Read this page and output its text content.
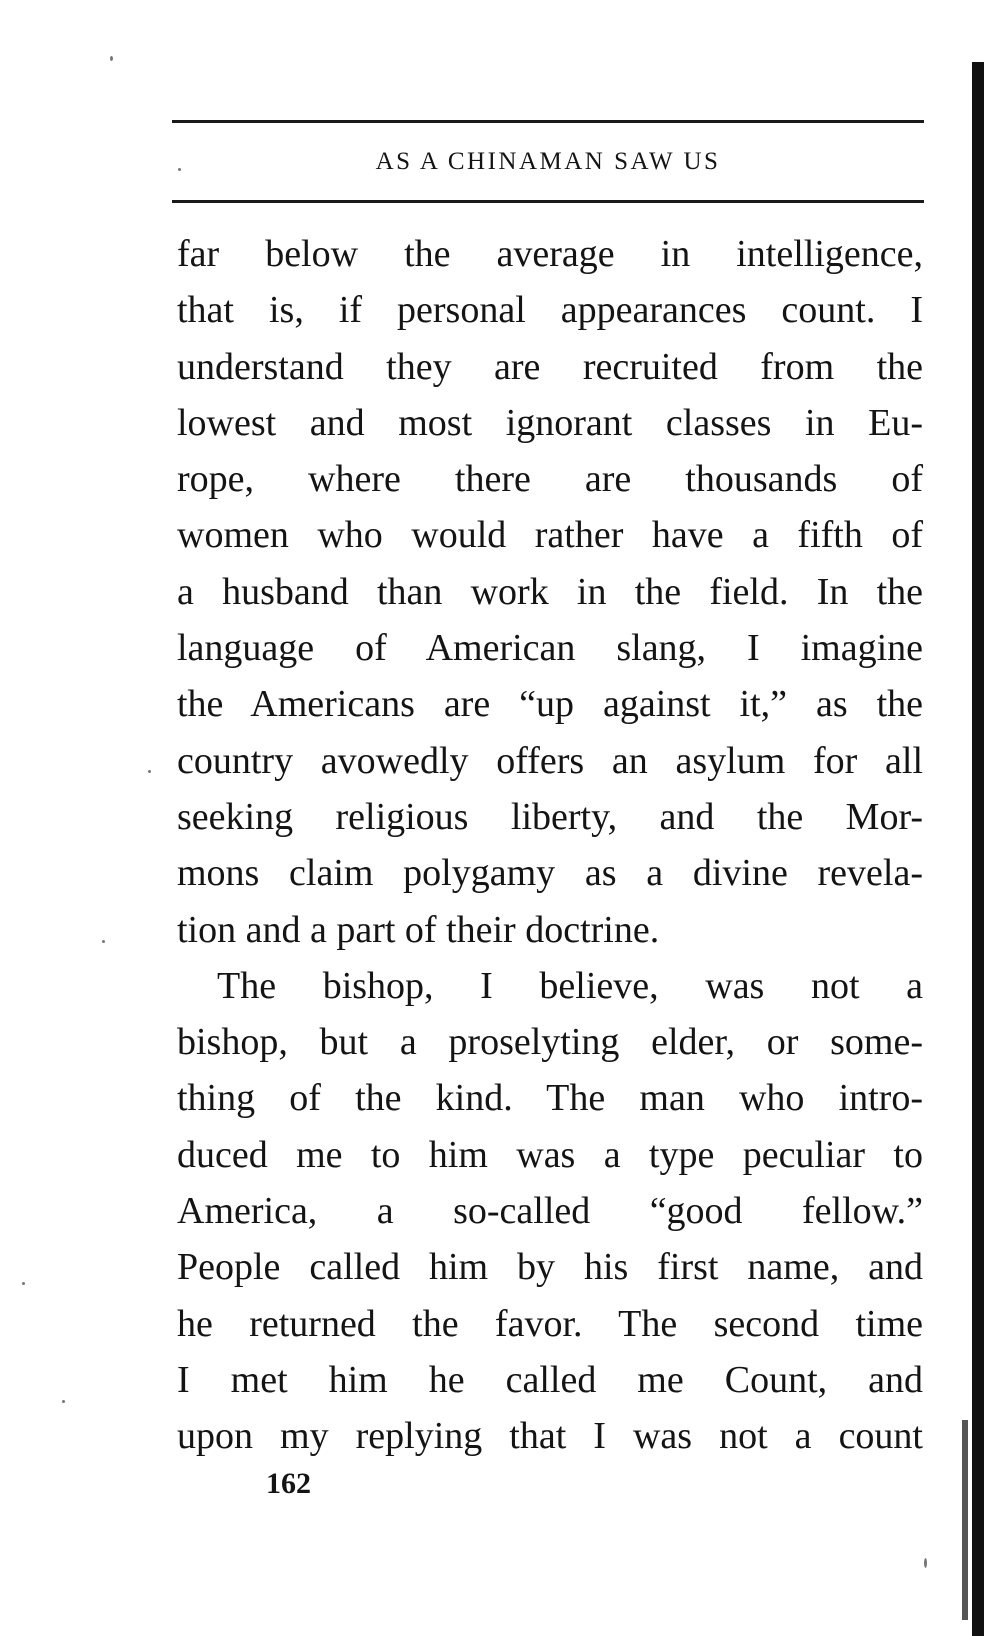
AS A CHINAMAN SAW US
far below the average in intelligence,
that is, if personal appearances count. I
understand they are recruited from the
lowest and most ignorant classes in Eu-
rope, where there are thousands of
women who would rather have a fifth of
a husband than work in the field. In the
language of American slang, I imagine
the Americans are “up against it,” as the
country avowedly offers an asylum for all
seeking religious liberty, and the Mor-
mons claim polygamy as a divine revela-
tion and a part of their doctrine.
The bishop, I believe, was not a
bishop, but a proselyting elder, or some-
thing of the kind. The man who intro-
duced me to him was a type peculiar to
America, a so-called “good fellow.”
People called him by his first name, and
he returned the favor. The second time
I met him he called me Count, and
upon my replying that I was not a count
162
